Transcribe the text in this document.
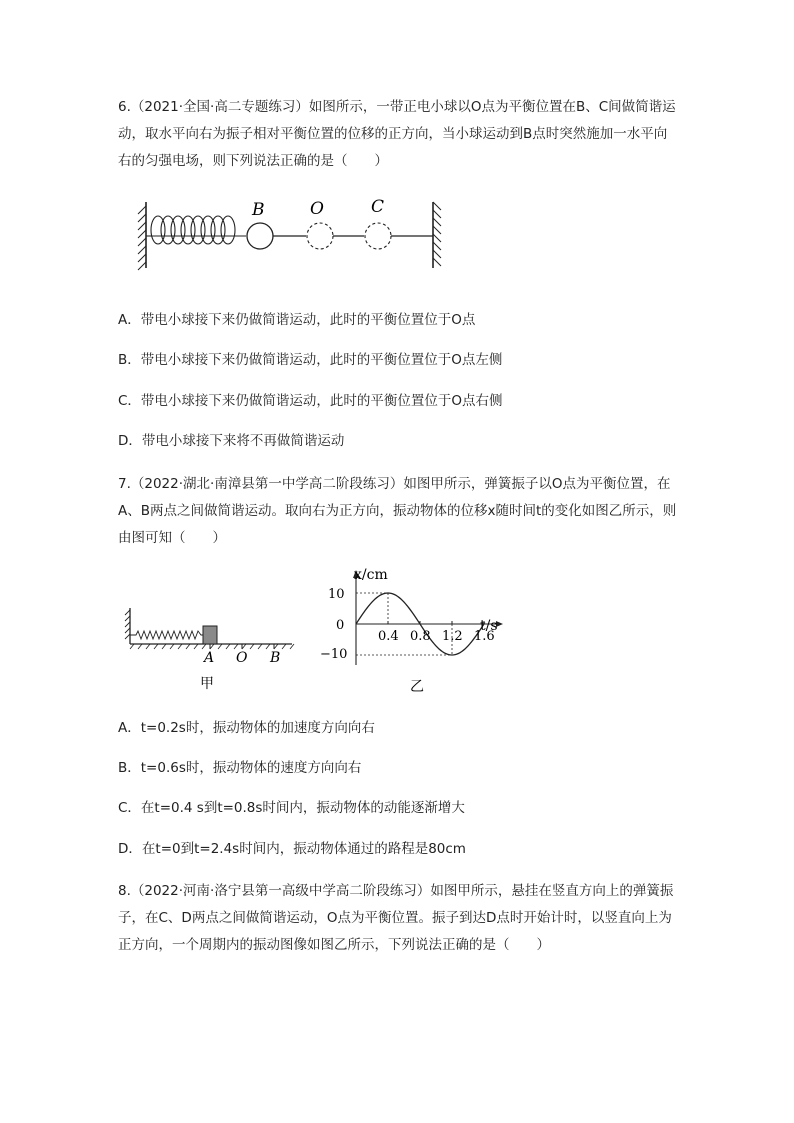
6.（2021·全国·高二专题练习）如图所示，一带正电小球以O点为平衡位置在B、C间做简谐运动，取水平向右为振子相对平衡位置的位移的正方向，当小球运动到B点时突然施加一水平向右的匀强电场，则下列说法正确的是（　　）

B	O	C
A．带电小球接下来仍做简谐运动，此时的平衡位置位于O点
B．带电小球接下来仍做简谐运动，此时的平衡位置位于O点左侧
C．带电小球接下来仍做简谐运动，此时的平衡位置位于O点右侧
D．带电小球接下来将不再做简谐运动

7.（2022·湖北·南漳县第一中学高二阶段练习）如图甲所示，弹簧振子以O点为平衡位置，在A、B两点之间做简谐运动。取向右为正方向，振动物体的位移x随时间t的变化如图乙所示，则由图可知（　　）

A O B
甲
x/cm
t/s
0
10
−10
0.4 0.8 1.2 1.6
乙
A．t=0.2s时，振动物体的加速度方向向右
B．t=0.6s时，振动物体的速度方向向右
C．在t=0.4 s到t=0.8s时间内，振动物体的动能逐渐增大
D．在t=0到t=2.4s时间内，振动物体通过的路程是80cm

8.（2022·河南·洛宁县第一高级中学高二阶段练习）如图甲所示，悬挂在竖直方向上的弹簧振子，在C、D两点之间做简谐运动，O点为平衡位置。振子到达D点时开始计时，以竖直向上为正方向，一个周期内的振动图像如图乙所示，下列说法正确的是（　　）
